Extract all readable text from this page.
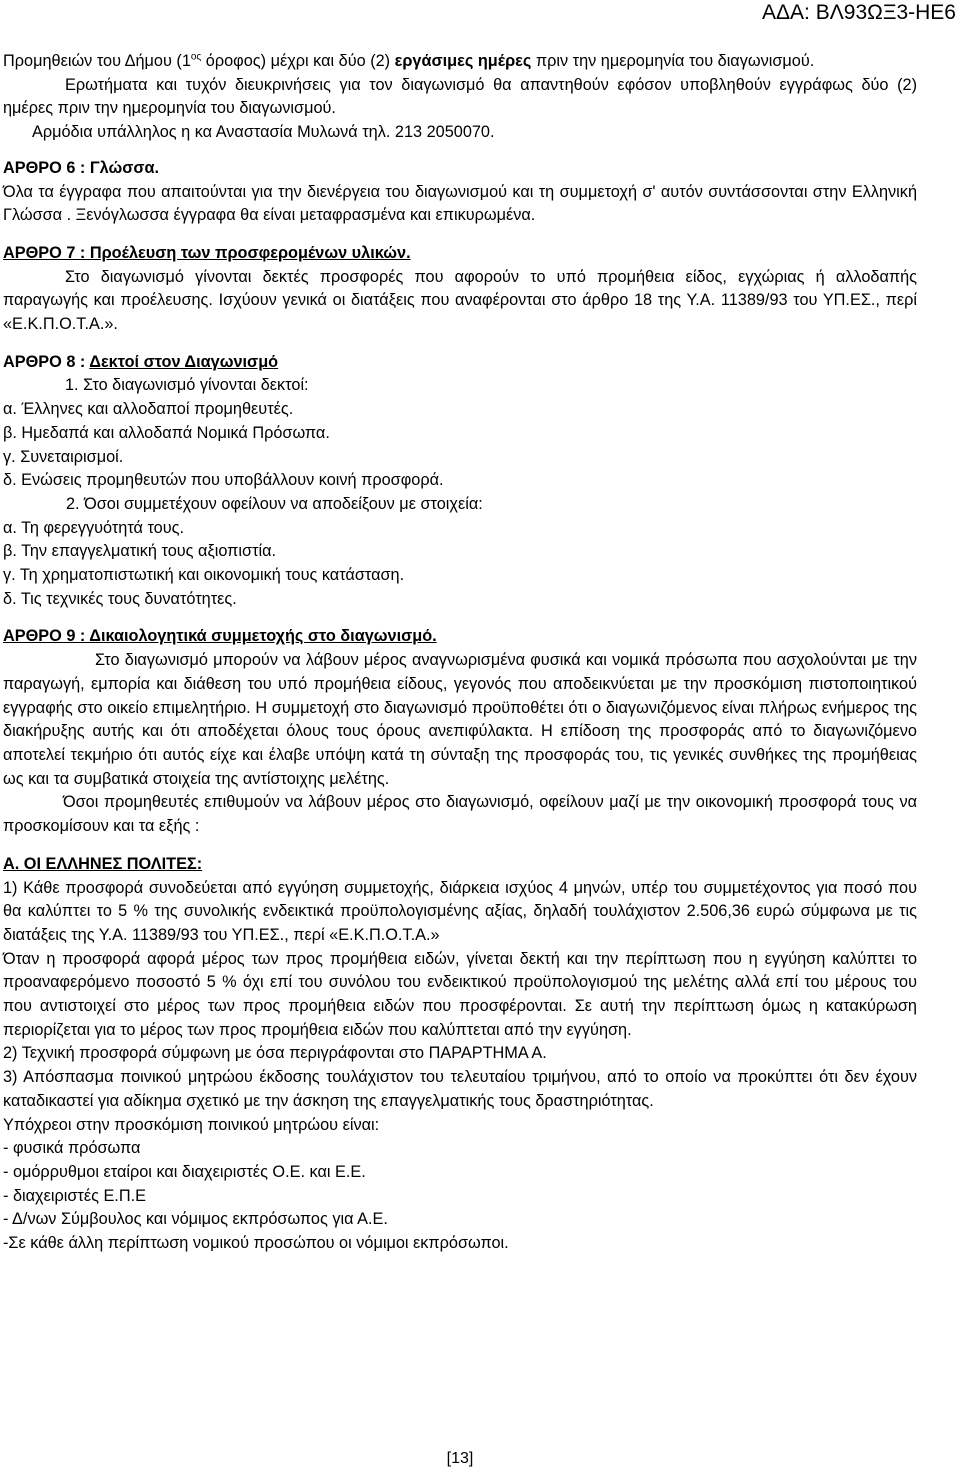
ΑΔΑ: ΒΛ93ΩΞ3-ΗΕ6

Προμηθειών του Δήμου ($1^{o\varsigma}$ όροφος) μέχρι και δύο (2) εργάσιμες ημέρες πριν την ημερομηνία του διαγωνισμού.

Ερωτήματα και τυχόν διευκρινήσεις για τον διαγωνισμό θα απαντηθούν εφόσον υποβληθούν εγγράφως δύο (2) ημέρες πριν την ημερομηνία του διαγωνισμού.

Αρμόδια υπάλληλος η κα Αναστασία Μυλωνά τηλ. 213 2050070.

ΑΡΘΡΟ 6 : Γλώσσα.

Όλα τα έγγραφα που απαιτούνται για την διενέργεια του διαγωνισμού και τη συμμετοχή σ' αυτόν συντάσσονται στην Ελληνική Γλώσσα . Ξενόγλωσσα έγγραφα θα είναι μεταφρασμένα και επικυρωμένα.

ΑΡΘΡΟ 7 : Προέλευση των προσφερομένων υλικών.

Στο διαγωνισμό γίνονται δεκτές προσφορές που αφορούν το υπό προμήθεια είδος, εγχώριας ή αλλοδαπής παραγωγής και προέλευσης. Ισχύουν γενικά οι διατάξεις που αναφέρονται στο άρθρο 18 της Υ.Α. 11389/93 του ΥΠ.ΕΣ., περί «Ε.Κ.Π.Ο.Τ.Α.».

ΑΡΘΡΟ 8 : Δεκτοί στον Διαγωνισμό

1. Στο διαγωνισμό γίνονται δεκτοί:

α. Έλληνες και αλλοδαποί προμηθευτές.

β. Ημεδαπά και αλλοδαπά Νομικά Πρόσωπα.

γ. Συνεταιρισμοί.

δ. Ενώσεις προμηθευτών που υποβάλλουν κοινή προσφορά.

2. Όσοι συμμετέχουν οφείλουν να αποδείξουν με στοιχεία:

α. Τη φερεγγυότητά τους.

β. Την επαγγελματική τους αξιοπιστία.

γ. Τη χρηματοπιστωτική και οικονομική τους κατάσταση.

δ. Τις τεχνικές τους δυνατότητες.

ΑΡΘΡΟ 9 : Δικαιολογητικά συμμετοχής στο διαγωνισμό.

Στο διαγωνισμό μπορούν να λάβουν μέρος αναγνωρισμένα φυσικά και νομικά πρόσωπα που ασχολούνται με την παραγωγή, εμπορία και διάθεση του υπό προμήθεια είδους, γεγονός που αποδεικνύεται με την προσκόμιση πιστοποιητικού εγγραφής στο οικείο επιμελητήριο. Η συμμετοχή στο διαγωνισμό προϋποθέτει ότι ο διαγωνιζόμενος είναι πλήρως ενήμερος της διακήρυξης αυτής και ότι αποδέχεται όλους τους όρους ανεπιφύλακτα. Η επίδοση της προσφοράς από το διαγωνιζόμενο αποτελεί τεκμήριο ότι αυτός είχε και έλαβε υπόψη κατά τη σύνταξη της προσφοράς του, τις γενικές συνθήκες της προμήθειας ως και τα συμβατικά στοιχεία της αντίστοιχης μελέτης.

Όσοι προμηθευτές επιθυμούν να λάβουν μέρος στο διαγωνισμό, οφείλουν μαζί με την οικονομική προσφορά τους να προσκομίσουν και τα εξής :

Α. ΟΙ ΕΛΛΗΝΕΣ ΠΟΛΙΤΕΣ:

1) Κάθε προσφορά συνοδεύεται από εγγύηση συμμετοχής, διάρκεια ισχύος 4 μηνών, υπέρ του συμμετέχοντος για ποσό που θα καλύπτει το 5 % της συνολικής ενδεικτικά προϋπολογισμένης αξίας, δηλαδή τουλάχιστον 2.506,36 ευρώ σύμφωνα με τις διατάξεις της Υ.Α. 11389/93 του ΥΠ.ΕΣ., περί «Ε.Κ.Π.Ο.Τ.Α.»

Όταν η προσφορά αφορά μέρος των προς προμήθεια ειδών, γίνεται δεκτή και την περίπτωση που η εγγύηση καλύπτει το προαναφερόμενο ποσοστό 5 % όχι επί του συνόλου του ενδεικτικού προϋπολογισμού της μελέτης αλλά επί του μέρους του που αντιστοιχεί στο μέρος των προς προμήθεια ειδών που προσφέρονται. Σε αυτή την περίπτωση όμως η κατακύρωση περιορίζεται για το μέρος των προς προμήθεια ειδών που καλύπτεται από την εγγύηση.

2) Τεχνική προσφορά σύμφωνη με όσα περιγράφονται στο ΠΑΡΑΡΤΗΜΑ Α.

3) Απόσπασμα ποινικού μητρώου έκδοσης τουλάχιστον του τελευταίου τριμήνου, από το οποίο να προκύπτει ότι δεν έχουν καταδικαστεί για αδίκημα σχετικό με την άσκηση της επαγγελματικής τους δραστηριότητας.

Υπόχρεοι στην προσκόμιση ποινικού μητρώου είναι:

- φυσικά πρόσωπα

- ομόρρυθμοι εταίροι και διαχειριστές Ο.Ε. και Ε.Ε.

- διαχειριστές Ε.Π.Ε

- Δ/νων Σύμβουλος και νόμιμος εκπρόσωπος για Α.Ε.

-Σε κάθε άλλη περίπτωση νομικού προσώπου οι νόμιμοι εκπρόσωποι.

[13]
